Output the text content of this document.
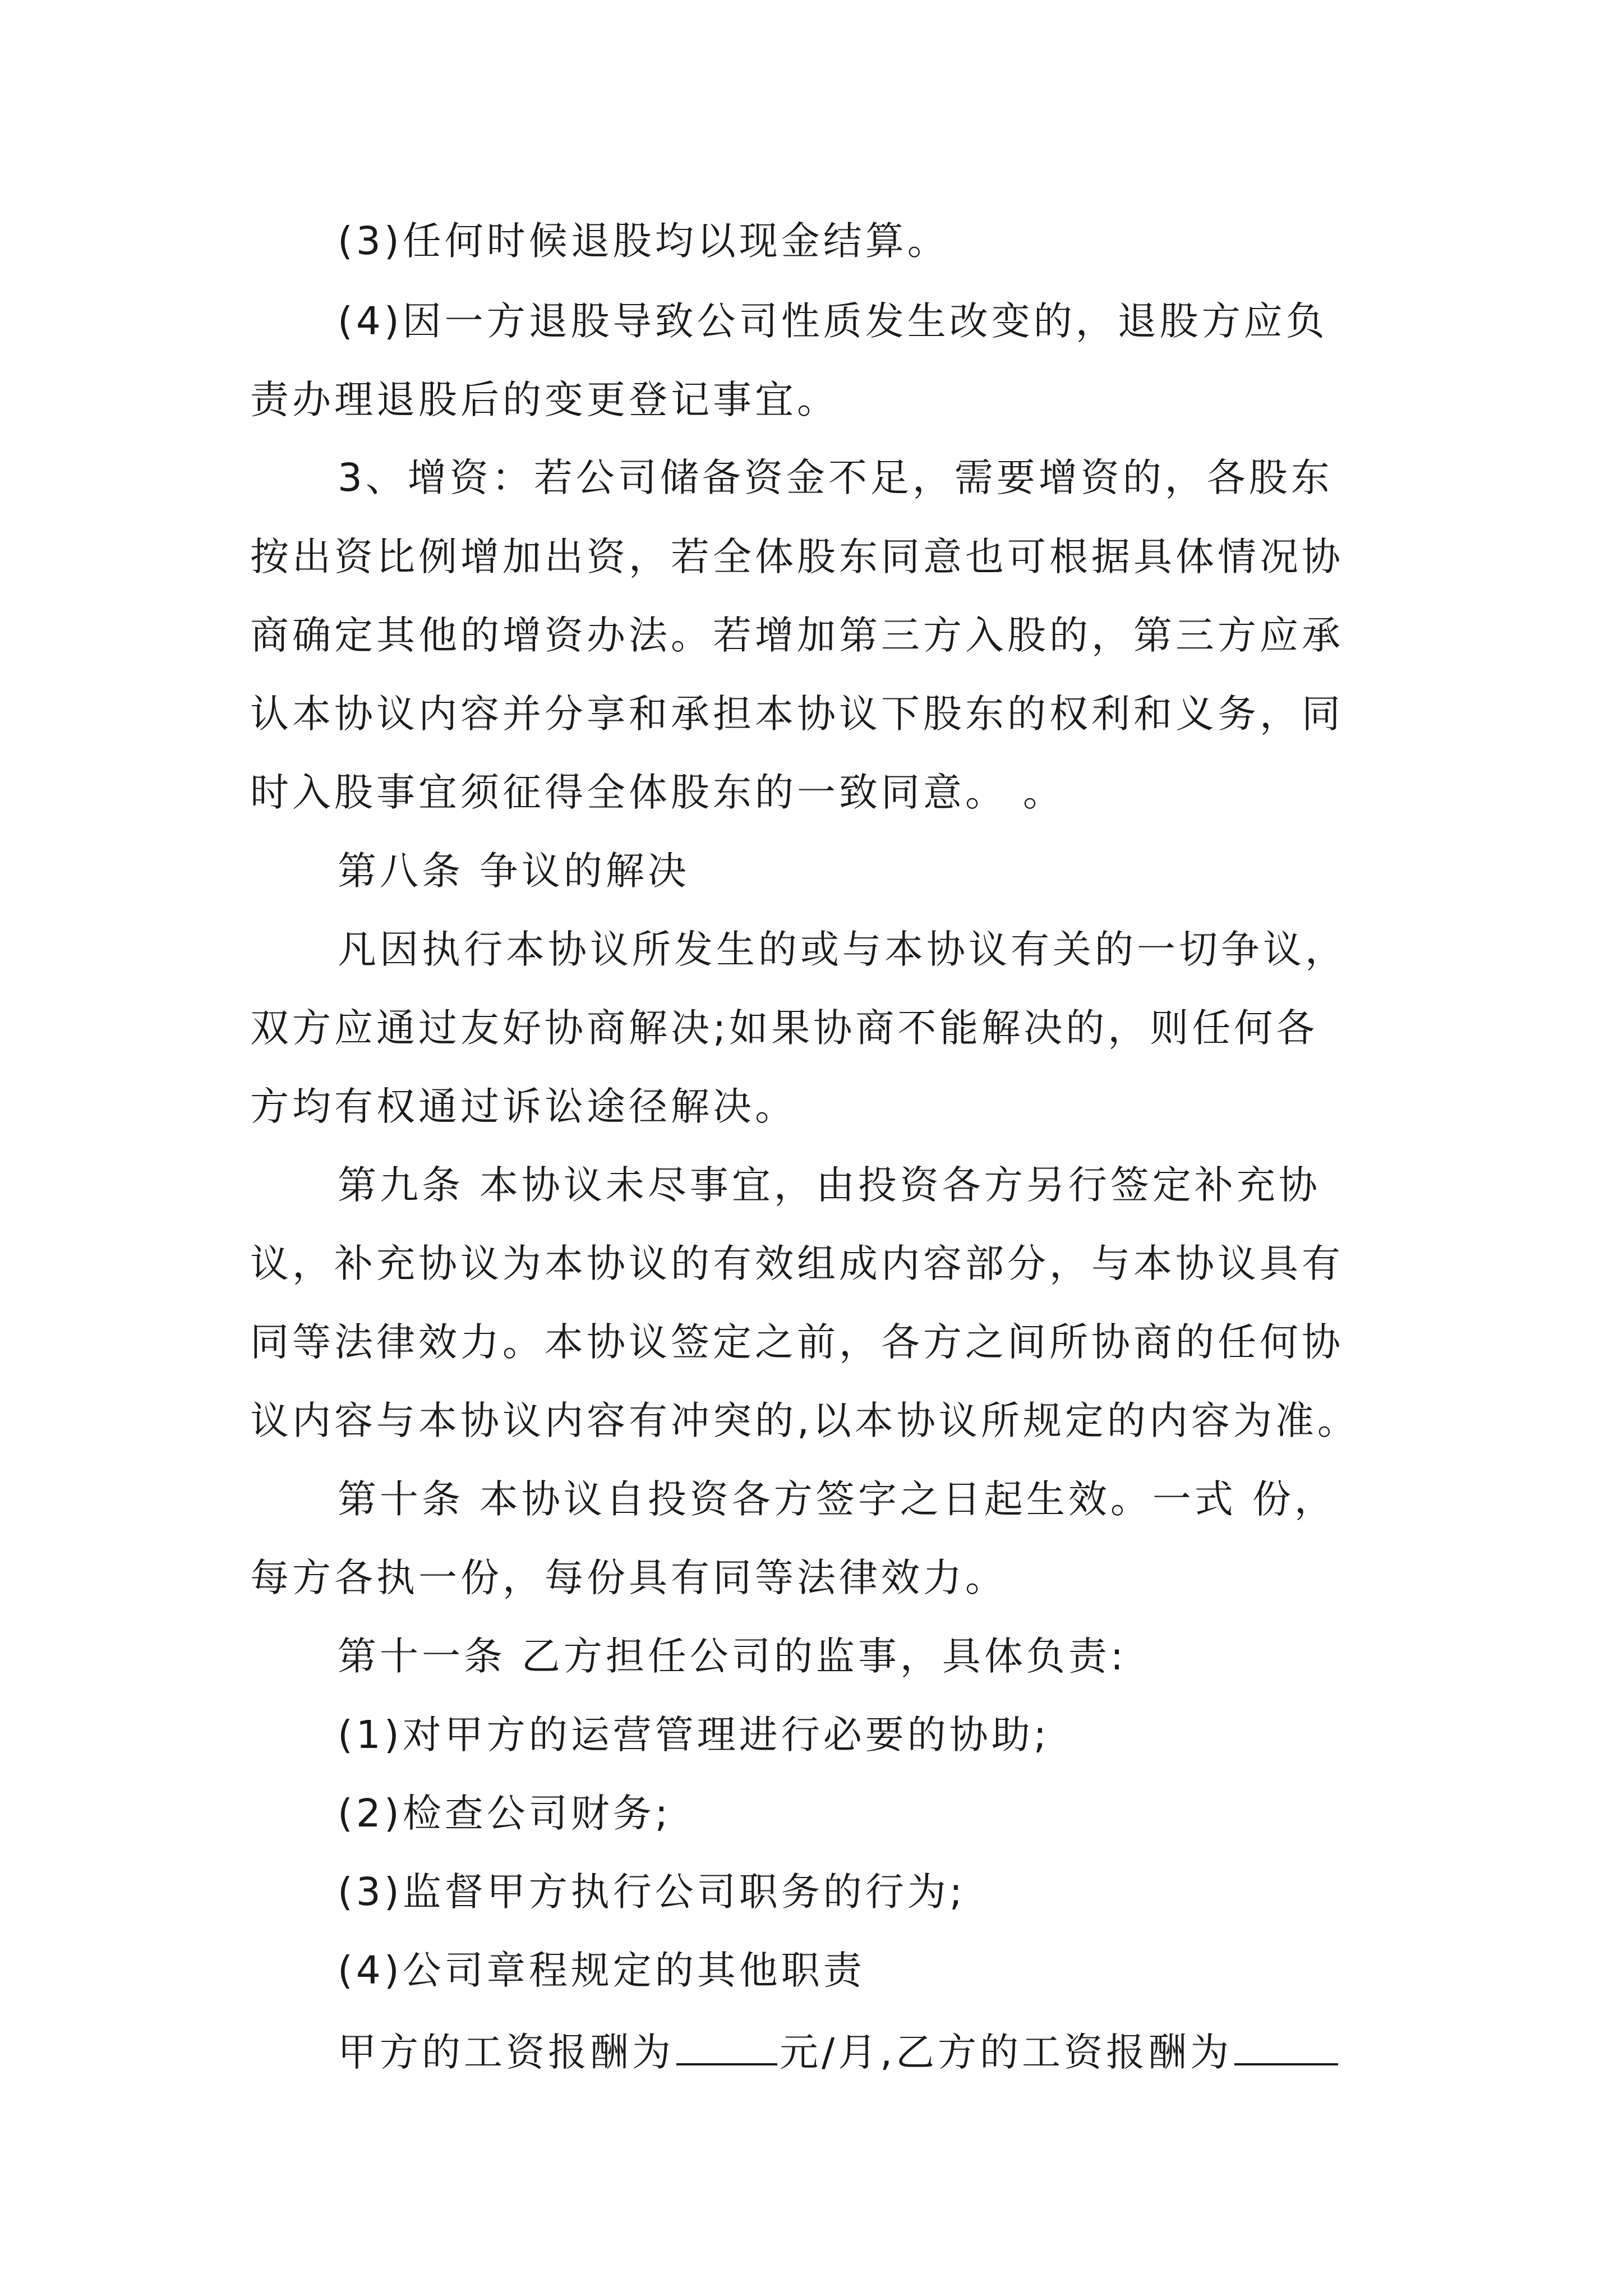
(3)任何时候退股均以现金结算。
(4)因一方退股导致公司性质发生改变的，退股方应负
责办理退股后的变更登记事宜。
3、增资：若公司储备资金不足，需要增资的，各股东
按出资比例增加出资，若全体股东同意也可根据具体情况协
商确定其他的增资办法。若增加第三方入股的，第三方应承
认本协议内容并分享和承担本协议下股东的权利和义务，同
时入股事宜须征得全体股东的一致同意。 。
第八条 争议的解决
凡因执行本协议所发生的或与本协议有关的一切争议，
双方应通过友好协商解决;如果协商不能解决的，则任何各
方均有权通过诉讼途径解决。
第九条 本协议未尽事宜，由投资各方另行签定补充协
议，补充协议为本协议的有效组成内容部分，与本协议具有
同等法律效力。本协议签定之前，各方之间所协商的任何协
议内容与本协议内容有冲突的,以本协议所规定的内容为准。
第十条 本协议自投资各方签字之日起生效。一式 份，
每方各执一份，每份具有同等法律效力。
第十一条 乙方担任公司的监事，具体负责:
(1)对甲方的运营管理进行必要的协助;
(2)检查公司财务;
(3)监督甲方执行公司职务的行为;
(4)公司章程规定的其他职责
甲方的工资报酬为	元/月,乙方的工资报酬为
